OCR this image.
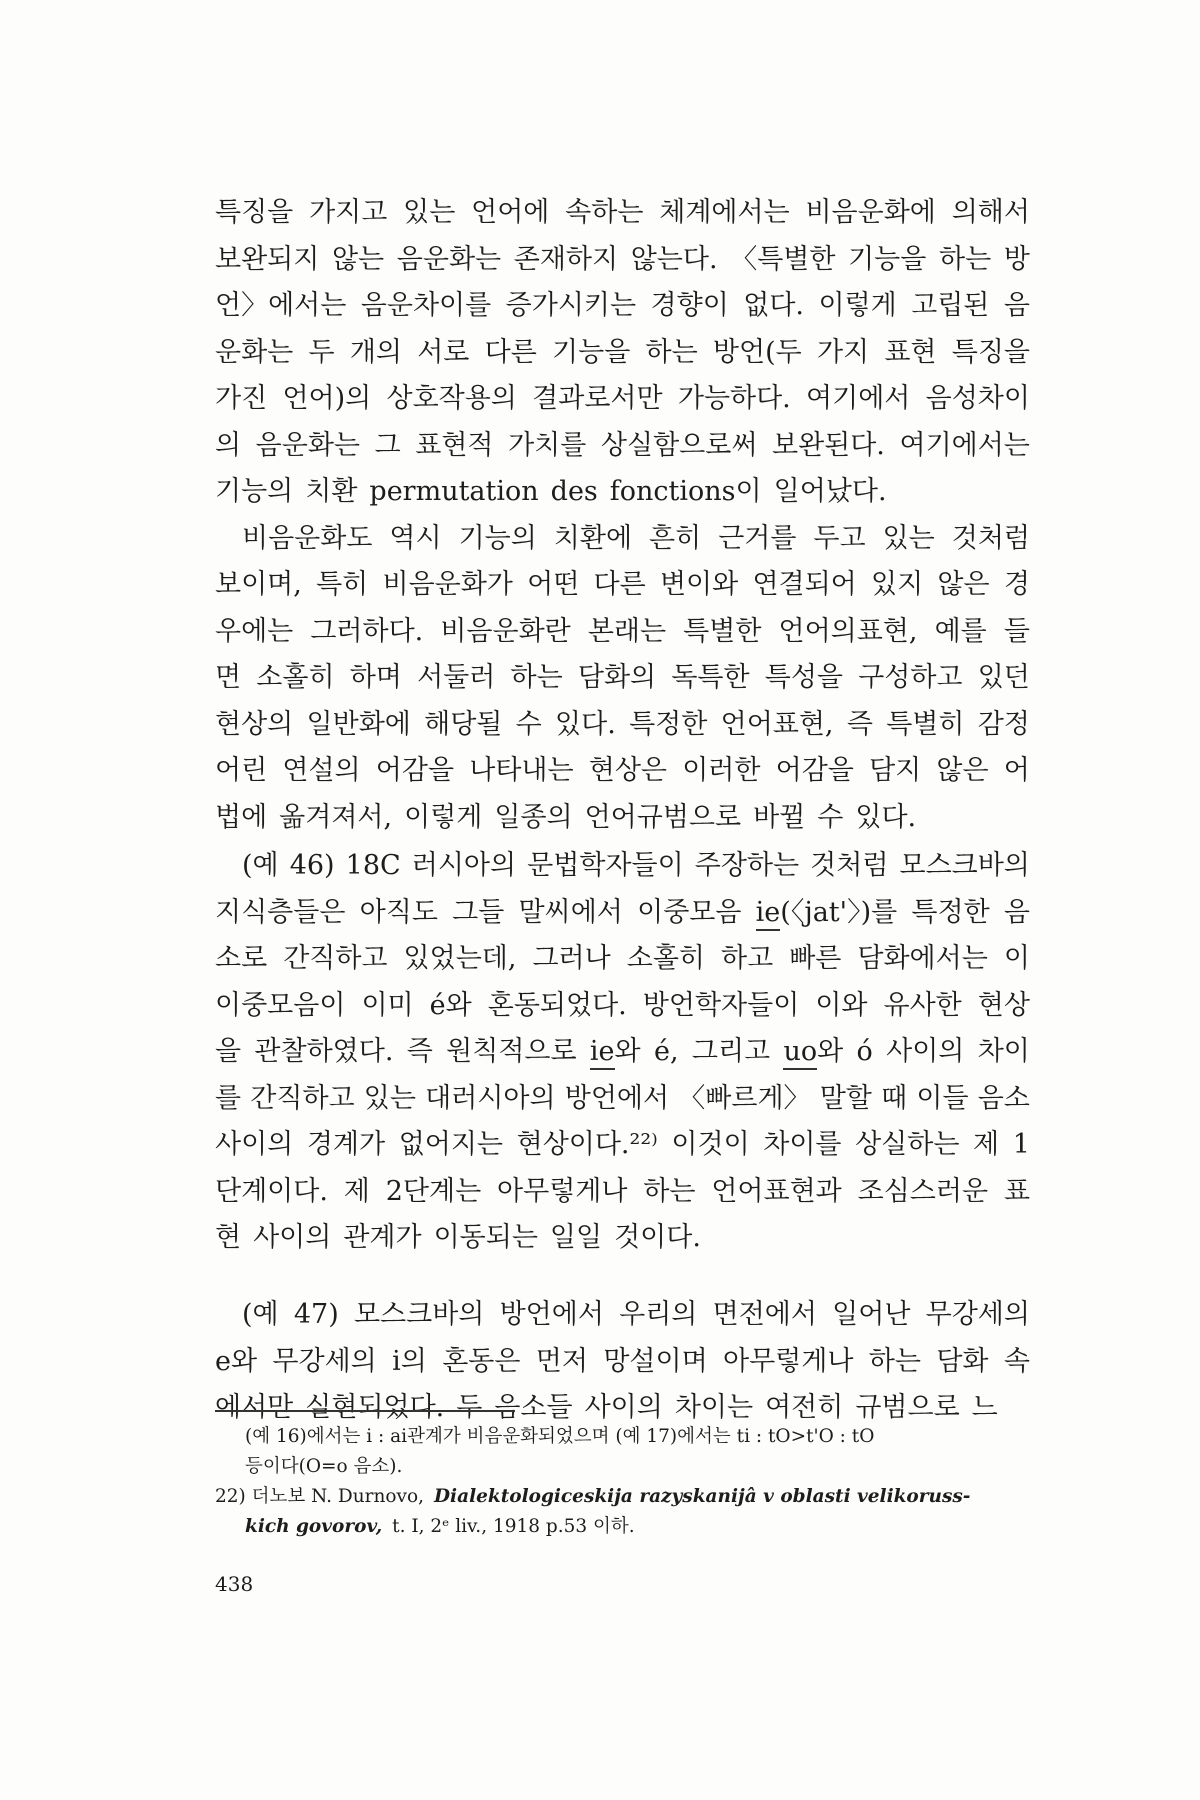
특징을 가지고 있는 언어에 속하는 체계에서는 비음운화에 의해서
보완되지 않는 음운화는 존재하지 않는다. 〈특별한 기능을 하는 방
언〉에서는 음운차이를 증가시키는 경향이 없다. 이렇게 고립된 음
운화는 두 개의 서로 다른 기능을 하는 방언(두 가지 표현 특징을
가진 언어)의 상호작용의 결과로서만 가능하다. 여기에서 음성차이
의 음운화는 그 표현적 가치를 상실함으로써 보완된다. 여기에서는
기능의 치환 permutation des fonctions이 일어났다.
　비음운화도 역시 기능의 치환에 흔히 근거를 두고 있는 것처럼
보이며, 특히 비음운화가 어떤 다른 변이와 연결되어 있지 않은 경
우에는 그러하다. 비음운화란 본래는 특별한 언어의표현, 예를 들
면 소홀히 하며 서둘러 하는 담화의 독특한 특성을 구성하고 있던
현상의 일반화에 해당될 수 있다. 특정한 언어표현, 즉 특별히 감정
어린 연설의 어감을 나타내는 현상은 이러한 어감을 담지 않은 어
법에 옮겨져서, 이렇게 일종의 언어규범으로 바뀔 수 있다.
　(예 46) 18C 러시아의 문법학자들이 주장하는 것처럼 모스크바의
지식층들은 아직도 그들 말씨에서 이중모음 ie(〈jat'〉)를 특정한 음
소로 간직하고 있었는데, 그러나 소홀히 하고 빠른 담화에서는 이
이중모음이 이미 é와 혼동되었다. 방언학자들이 이와 유사한 현상
을 관찰하였다. 즉 원칙적으로 ie와 é, 그리고 uo와 ó 사이의 차이
를 간직하고 있는 대러시아의 방언에서 〈빠르게〉 말할 때 이들 음소
사이의 경계가 없어지는 현상이다.²²⁾ 이것이 차이를 상실하는 제 1
단계이다. 제 2단계는 아무렇게나 하는 언어표현과 조심스러운 표
현 사이의 관계가 이동되는 일일 것이다.
　(예 47) 모스크바의 방언에서 우리의 면전에서 일어난 무강세의
e와 무강세의 i의 혼동은 먼저 망설이며 아무렇게나 하는 담화 속
에서만 실현되었다. 두 음소들 사이의 차이는 여전히 규범으로 느
(예 16)에서는 i : ai관계가 비음운화되었으며 (예 17)에서는 ti : tO>t'O : tO
등이다(O=o 음소).
22) 더노보 N. Durnovo, Dialektologiceskija razyskanijâ v oblasti velikoruss-
kich govorov, t. Ⅰ, 2ᵉ liv., 1918 p.53 이하.
438
